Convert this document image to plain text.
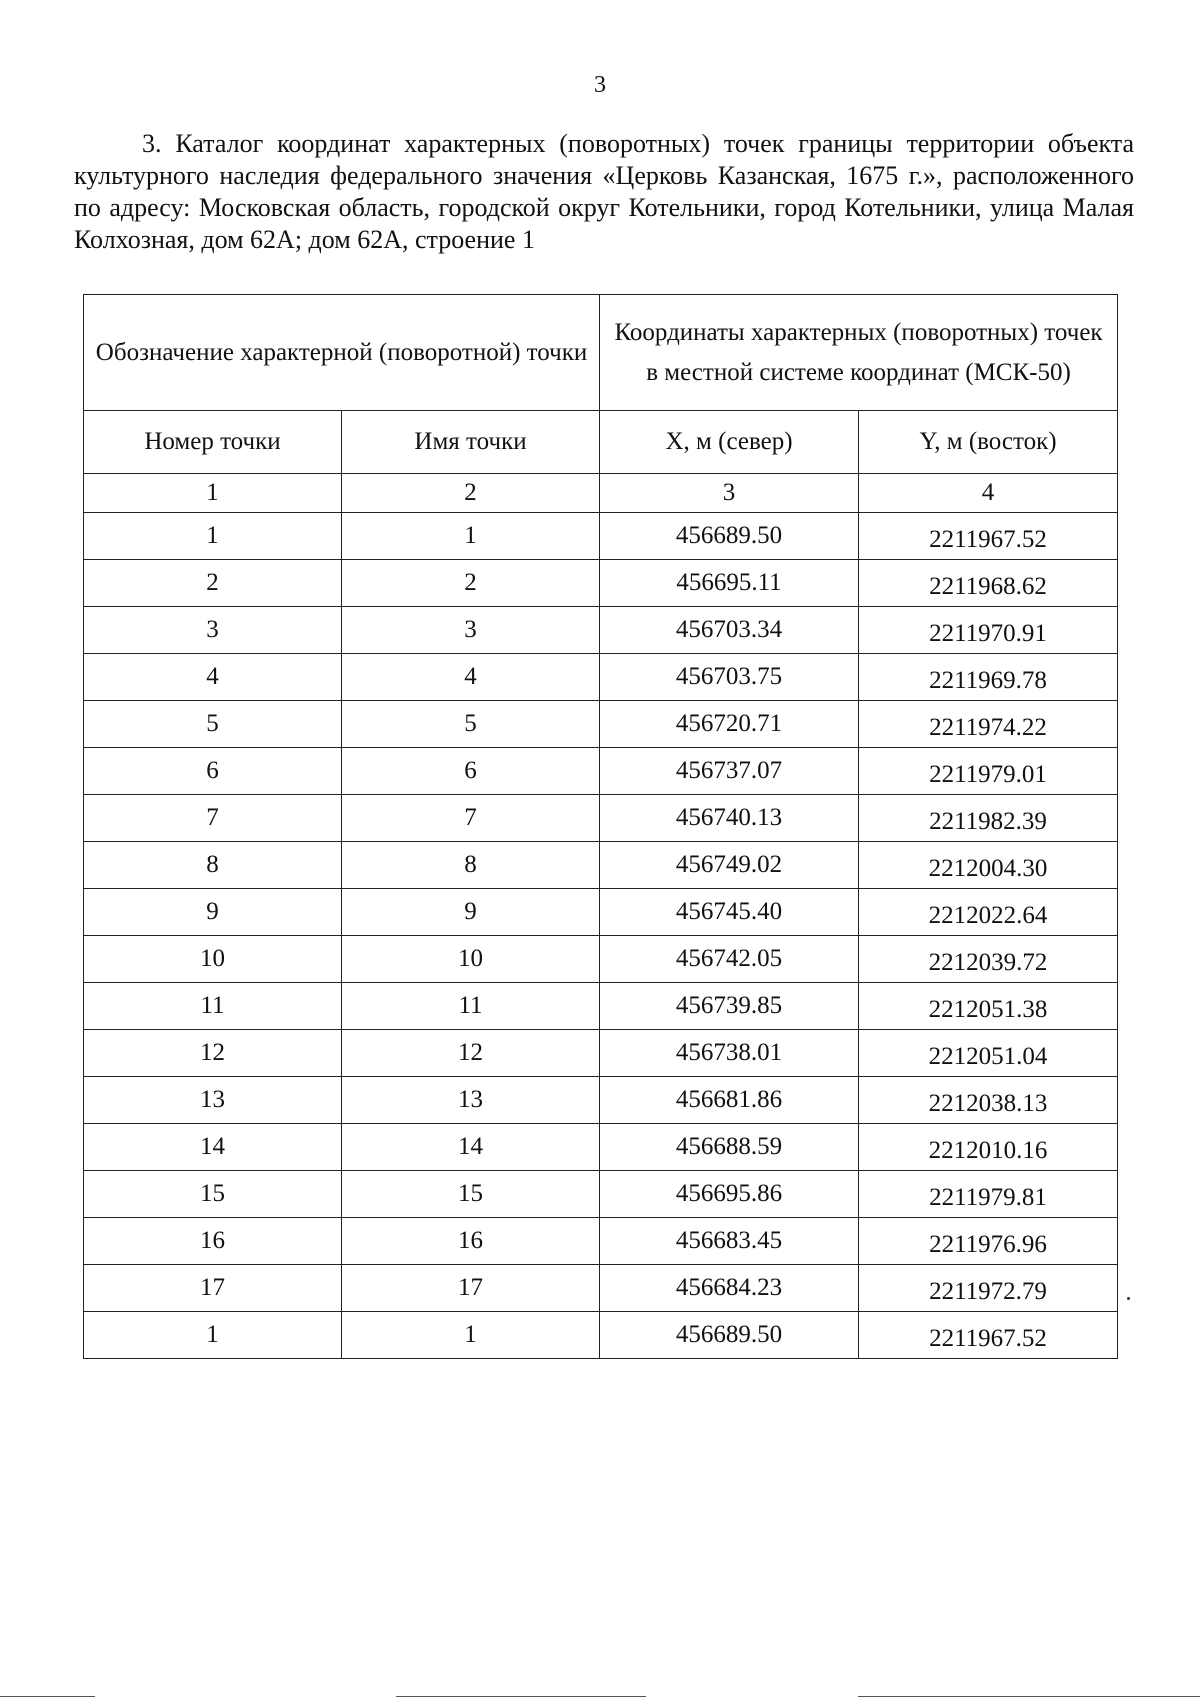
3

3. Каталог координат характерных (поворотных) точек границы территории объекта культурного наследия федерального значения «Церковь Казанская, 1675 г.», расположенного по адресу: Московская область, городской округ Котельники, город Котельники, улица Малая Колхозная, дом 62А; дом 62А, строение 1

Обозначение характерной (поворотной) точки		Координаты характерных (поворотных) точек в местной системе координат (МСК-50)	
Номер точки	Имя точки	X, м (север)	Y, м (восток)
1	2	3	4
1	1	456689.50	2211967.52
2	2	456695.11	2211968.62
3	3	456703.34	2211970.91
4	4	456703.75	2211969.78
5	5	456720.71	2211974.22
6	6	456737.07	2211979.01
7	7	456740.13	2211982.39
8	8	456749.02	2212004.30
9	9	456745.40	2212022.64
10	10	456742.05	2212039.72
11	11	456739.85	2212051.38
12	12	456738.01	2212051.04
13	13	456681.86	2212038.13
14	14	456688.59	2212010.16
15	15	456695.86	2211979.81
16	16	456683.45	2211976.96
17	17	456684.23	2211972.79
1	1	456689.50	2211967.52
